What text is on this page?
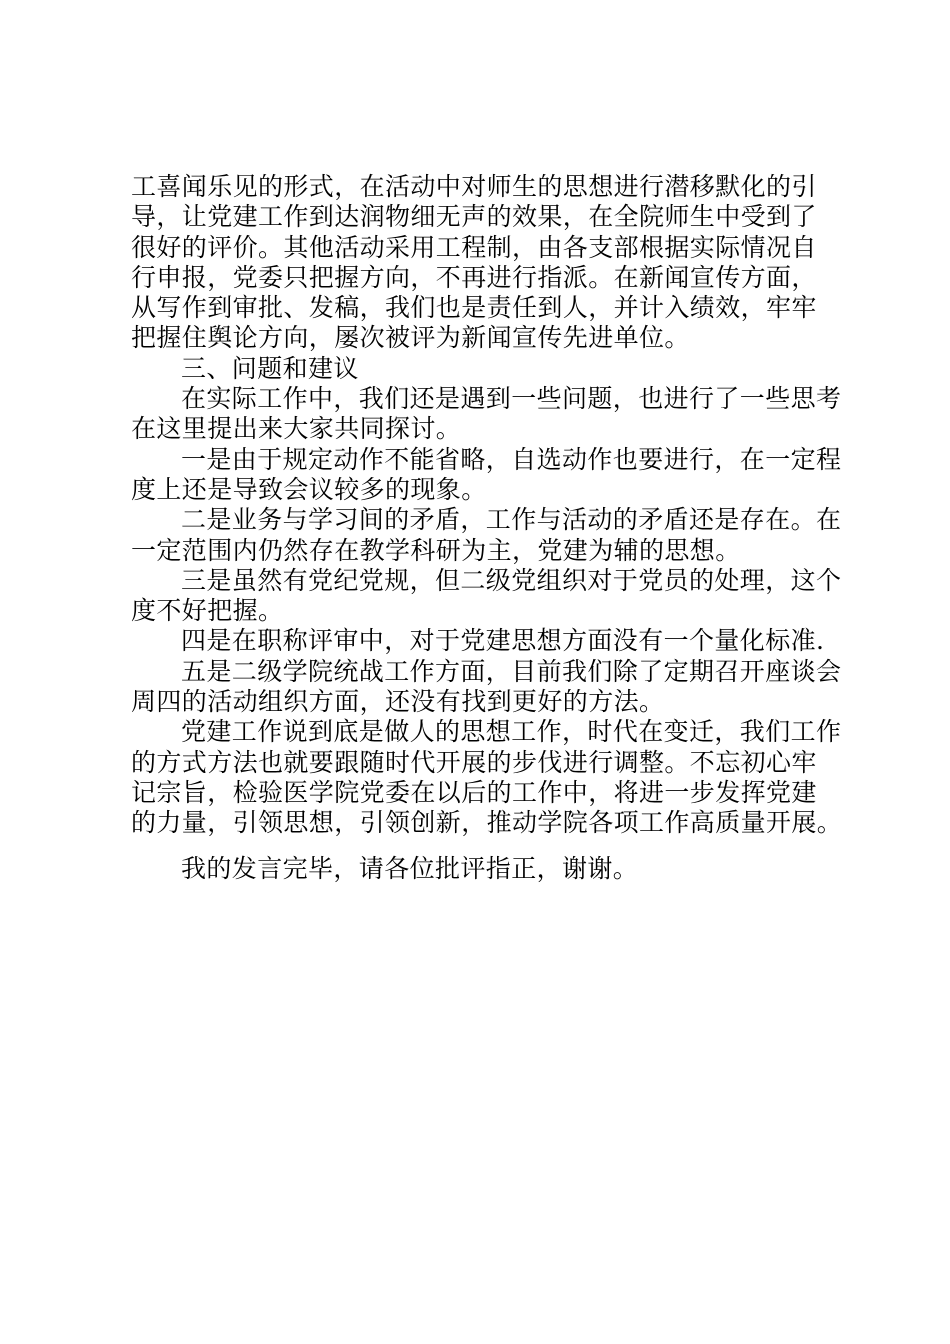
工喜闻乐见的形式，在活动中对师生的思想进行潜移默化的引
导，让党建工作到达润物细无声的效果，在全院师生中受到了
很好的评价。其他活动采用工程制，由各支部根据实际情况自
行申报，党委只把握方向，不再进行指派。在新闻宣传方面，
从写作到审批、发稿，我们也是责任到人，并计入绩效，牢牢
把握住舆论方向，屡次被评为新闻宣传先进单位。
三、问题和建议
在实际工作中，我们还是遇到一些问题，也进行了一些思考
在这里提出来大家共同探讨。
一是由于规定动作不能省略，自选动作也要进行，在一定程
度上还是导致会议较多的现象。
二是业务与学习间的矛盾，工作与活动的矛盾还是存在。在
一定范围内仍然存在教学科研为主，党建为辅的思想。
三是虽然有党纪党规，但二级党组织对于党员的处理，这个
度不好把握。
四是在职称评审中，对于党建思想方面没有一个量化标准.
五是二级学院统战工作方面，目前我们除了定期召开座谈会
周四的活动组织方面，还没有找到更好的方法。
党建工作说到底是做人的思想工作，时代在变迁，我们工作
的方式方法也就要跟随时代开展的步伐进行调整。不忘初心牢
记宗旨，检验医学院党委在以后的工作中，将进一步发挥党建
的力量，引领思想，引领创新，推动学院各项工作高质量开展。
我的发言完毕，请各位批评指正，谢谢。
